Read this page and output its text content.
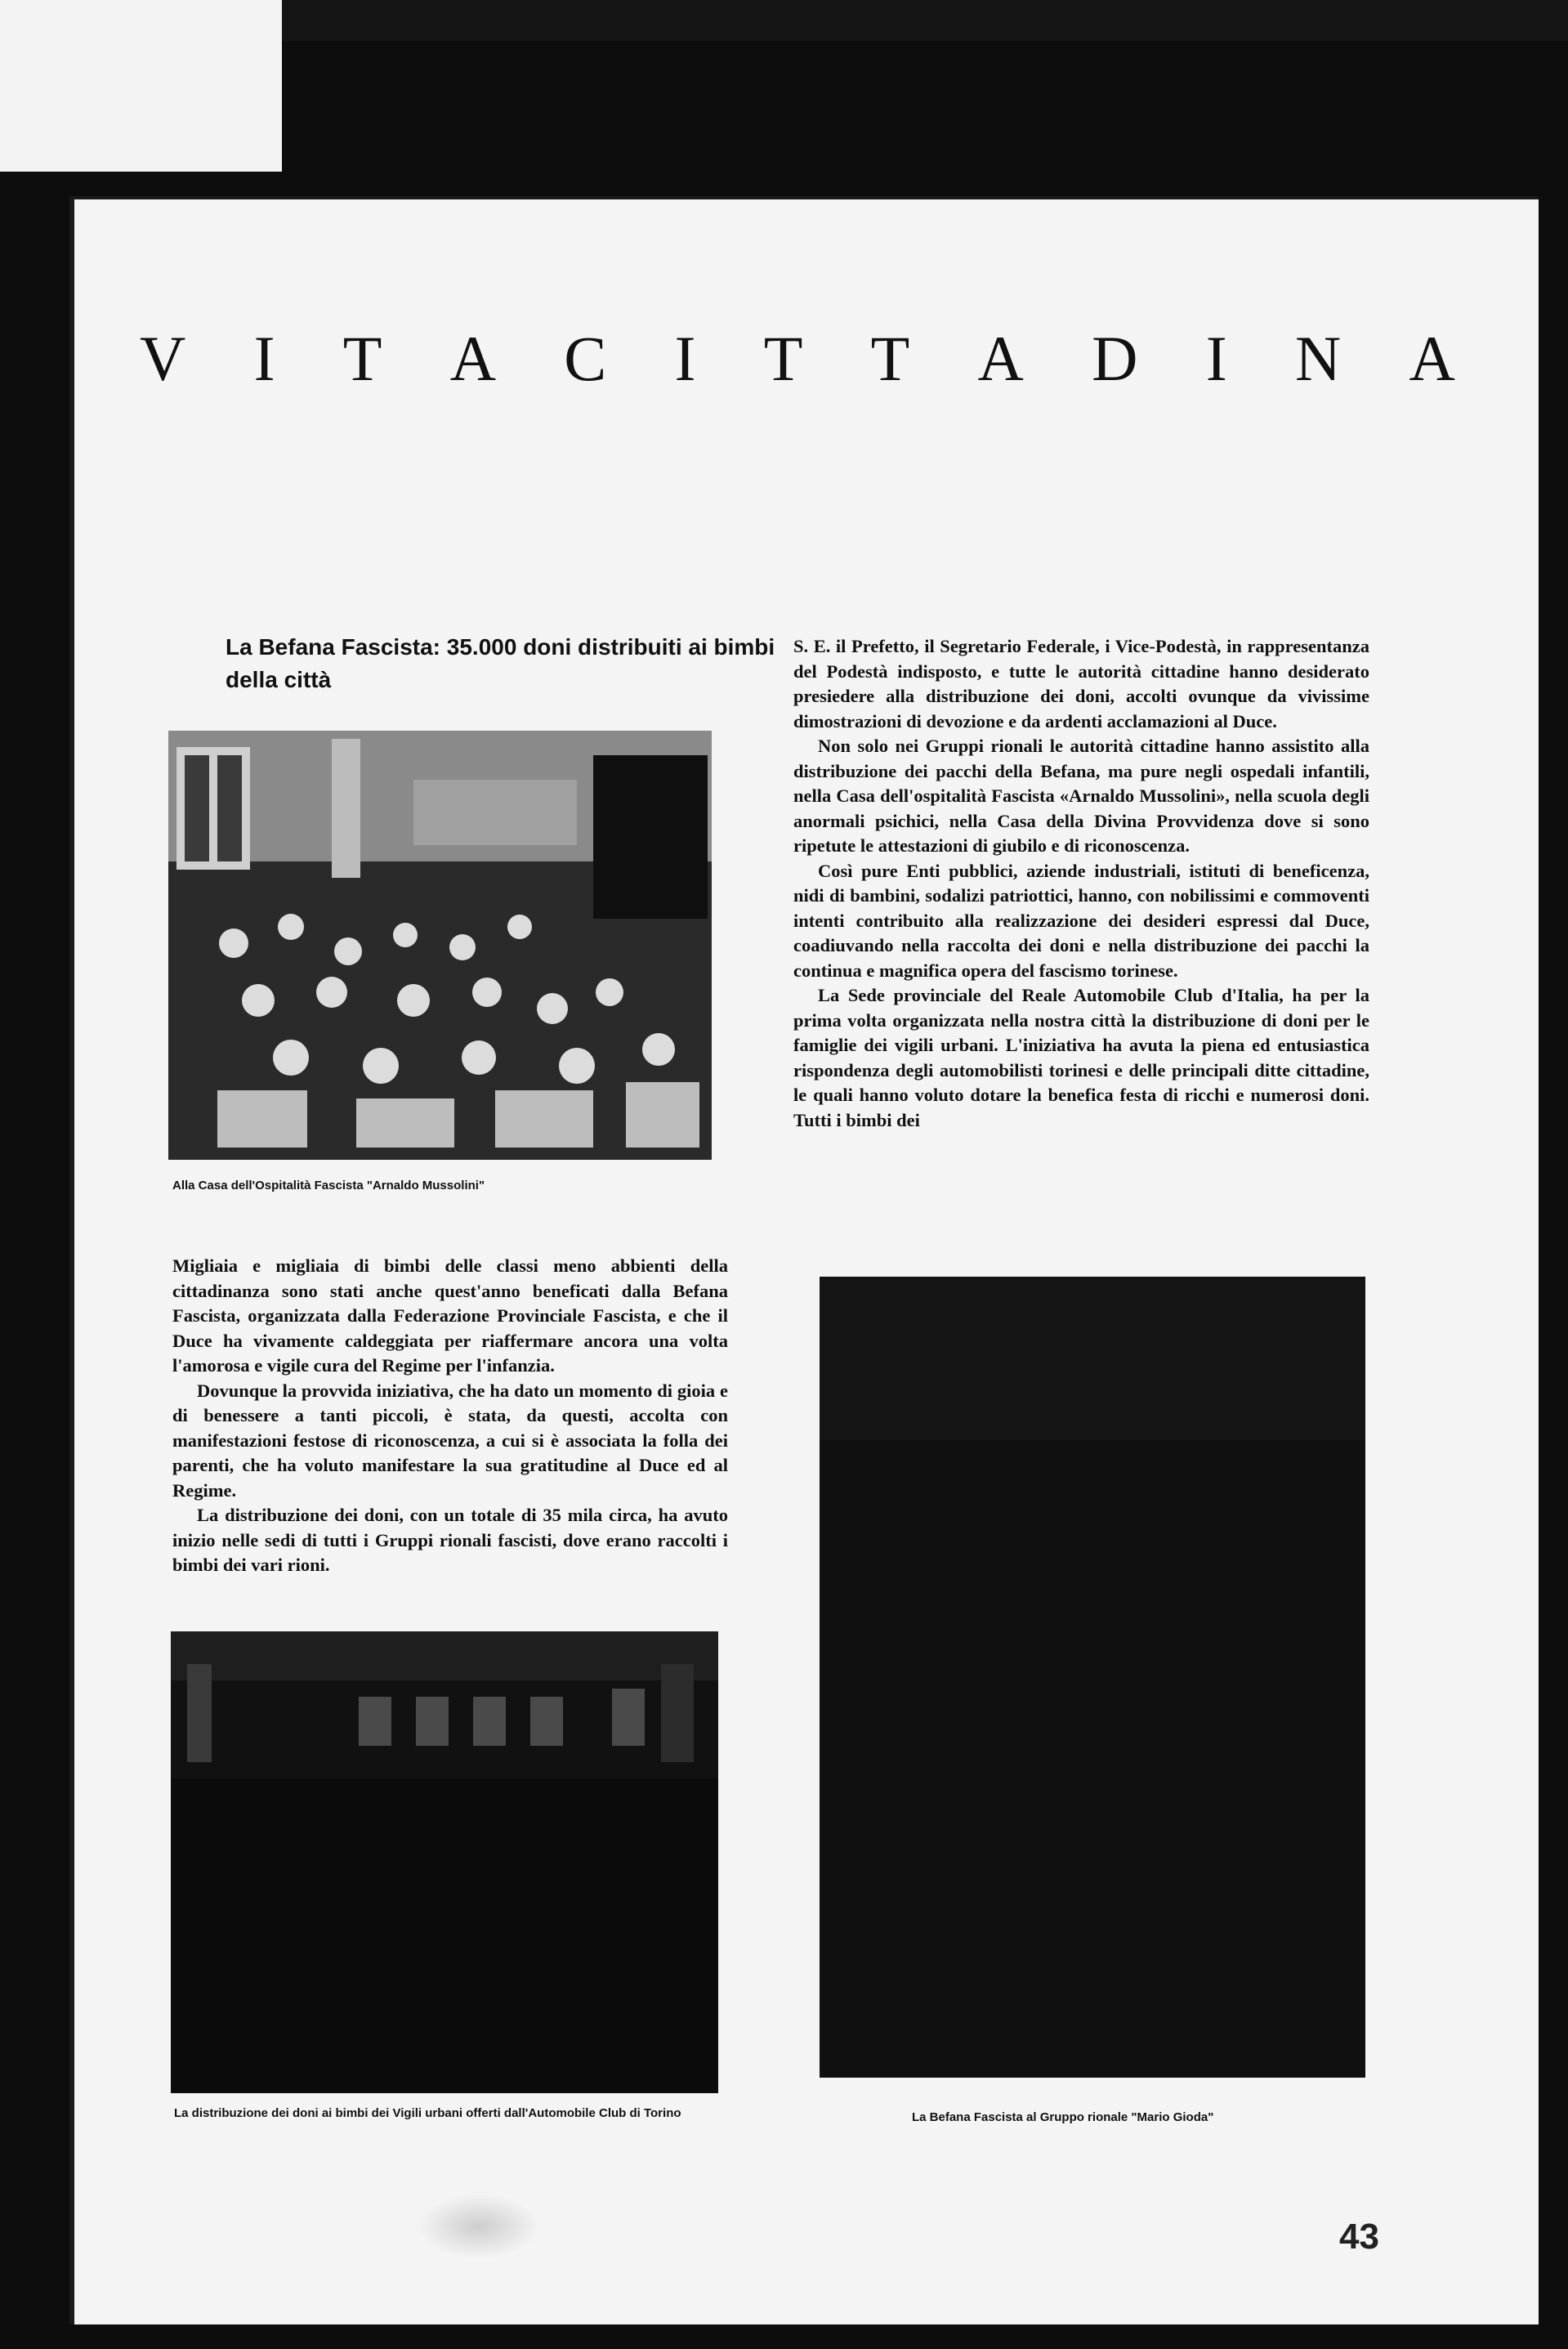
V I T A C I T T A D I N A
La Befana Fascista: 35.000 doni distribuiti ai bimbi della città
Alla Casa dell'Ospitalità Fascista "Arnaldo Mussolini"

S. E. il Prefetto, il Segretario Federale, i Vice-Podestà, in rappresentanza del Podestà indisposto, e tutte le autorità cittadine hanno desiderato presiedere alla distribuzione dei doni, accolti ovunque da vivissime dimostrazioni di devozione e da ardenti acclamazioni al Duce.

Non solo nei Gruppi rionali le autorità cittadine hanno assistito alla distribuzione dei pacchi della Befana, ma pure negli ospedali infantili, nella Casa dell'ospitalità Fascista «Arnaldo Mussolini», nella scuola degli anormali psichici, nella Casa della Divina Provvidenza dove si sono ripetute le attestazioni di giubilo e di riconoscenza.

Così pure Enti pubblici, aziende industriali, istituti di beneficenza, nidi di bambini, sodalizi patriottici, hanno, con nobilissimi e commoventi intenti contribuito alla realizzazione dei desideri espressi dal Duce, coadiuvando nella raccolta dei doni e nella distribuzione dei pacchi la continua e magnifica opera del fascismo torinese.

La Sede provinciale del Reale Automobile Club d'Italia, ha per la prima volta organizzata nella nostra città la distribuzione di doni per le famiglie dei vigili urbani. L'iniziativa ha avuta la piena ed entusiastica rispondenza degli automobilisti torinesi e delle principali ditte cittadine, le quali hanno voluto dotare la benefica festa di ricchi e numerosi doni. Tutti i bimbi dei

Migliaia e migliaia di bimbi delle classi meno abbienti della cittadinanza sono stati anche quest'anno beneficati dalla Befana Fascista, organizzata dalla Federazione Provinciale Fascista, e che il Duce ha vivamente caldeggiata per riaffermare ancora una volta l'amorosa e vigile cura del Regime per l'infanzia.

Dovunque la provvida iniziativa, che ha dato un momento di gioia e di benessere a tanti piccoli, è stata, da questi, accolta con manifestazioni festose di riconoscenza, a cui si è associata la folla dei parenti, che ha voluto manifestare la sua gratitudine al Duce ed al Regime.

La distribuzione dei doni, con un totale di 35 mila circa, ha avuto inizio nelle sedi di tutti i Gruppi rionali fascisti, dove erano raccolti i bimbi dei vari rioni.

La distribuzione dei doni ai bimbi dei Vigili urbani offerti dall'Automobile Club di Torino	La Befana Fascista al Gruppo rionale "Mario Gioda"
43
